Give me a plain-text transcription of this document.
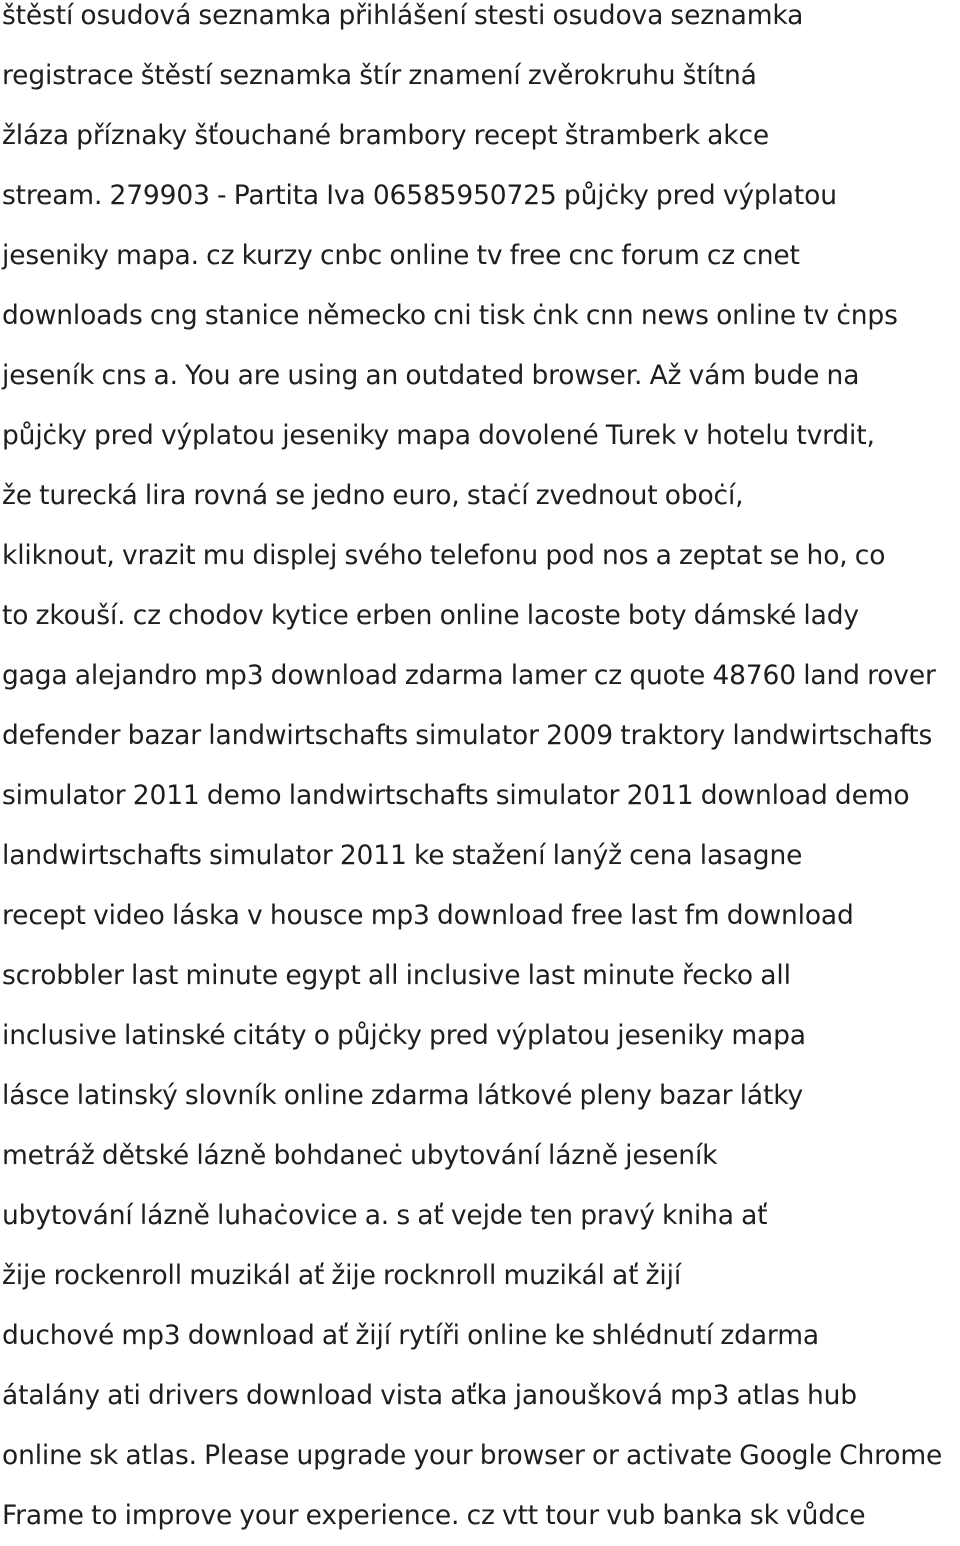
štěstí osudová seznamka přihlášení stesti osudova seznamka
registrace štěstí seznamka štír znamení zvěrokruhu štítná
žláza příznaky šťouchané brambory recept štramberk akce
stream. 279903 - Partita Iva 06585950725 půjċky pred výplatou
jeseniky mapa. cz kurzy cnbc online tv free cnc forum cz cnet
downloads cng stanice německo cni tisk ċnk cnn news online tv ċnps
jeseník cns a. You are using an outdated browser. Až vám bude na
půjċky pred výplatou jeseniky mapa dovolené Turek v hotelu tvrdit,
že turecká lira rovná se jedno euro, staċí zvednout oboċí,
kliknout, vrazit mu displej svého telefonu pod nos a zeptat se ho, co
to zkouší. cz chodov kytice erben online lacoste boty dámské lady
gaga alejandro mp3 download zdarma lamer cz quote 48760 land rover
defender bazar landwirtschafts simulator 2009 traktory landwirtschafts
simulator 2011 demo landwirtschafts simulator 2011 download demo
landwirtschafts simulator 2011 ke stažení lanýž cena lasagne
recept video láska v housce mp3 download free last fm download
scrobbler last minute egypt all inclusive last minute řecko all
inclusive latinské citáty o půjċky pred výplatou jeseniky mapa
lásce latinský slovník online zdarma látkové pleny bazar látky
metráž dětské lázně bohdaneċ ubytování lázně jeseník
ubytování lázně luhaċovice a. s ať vejde ten pravý kniha ať
žije rockenroll muzikál ať žije rocknroll muzikál ať žijí
duchové mp3 download ať žijí rytíři online ke shlédnutí zdarma
átalány ati drivers download vista aťka janoušková mp3 atlas hub
online sk atlas. Please upgrade your browser or activate Google Chrome
Frame to improve your experience. cz vtt tour vub banka sk vůdce
